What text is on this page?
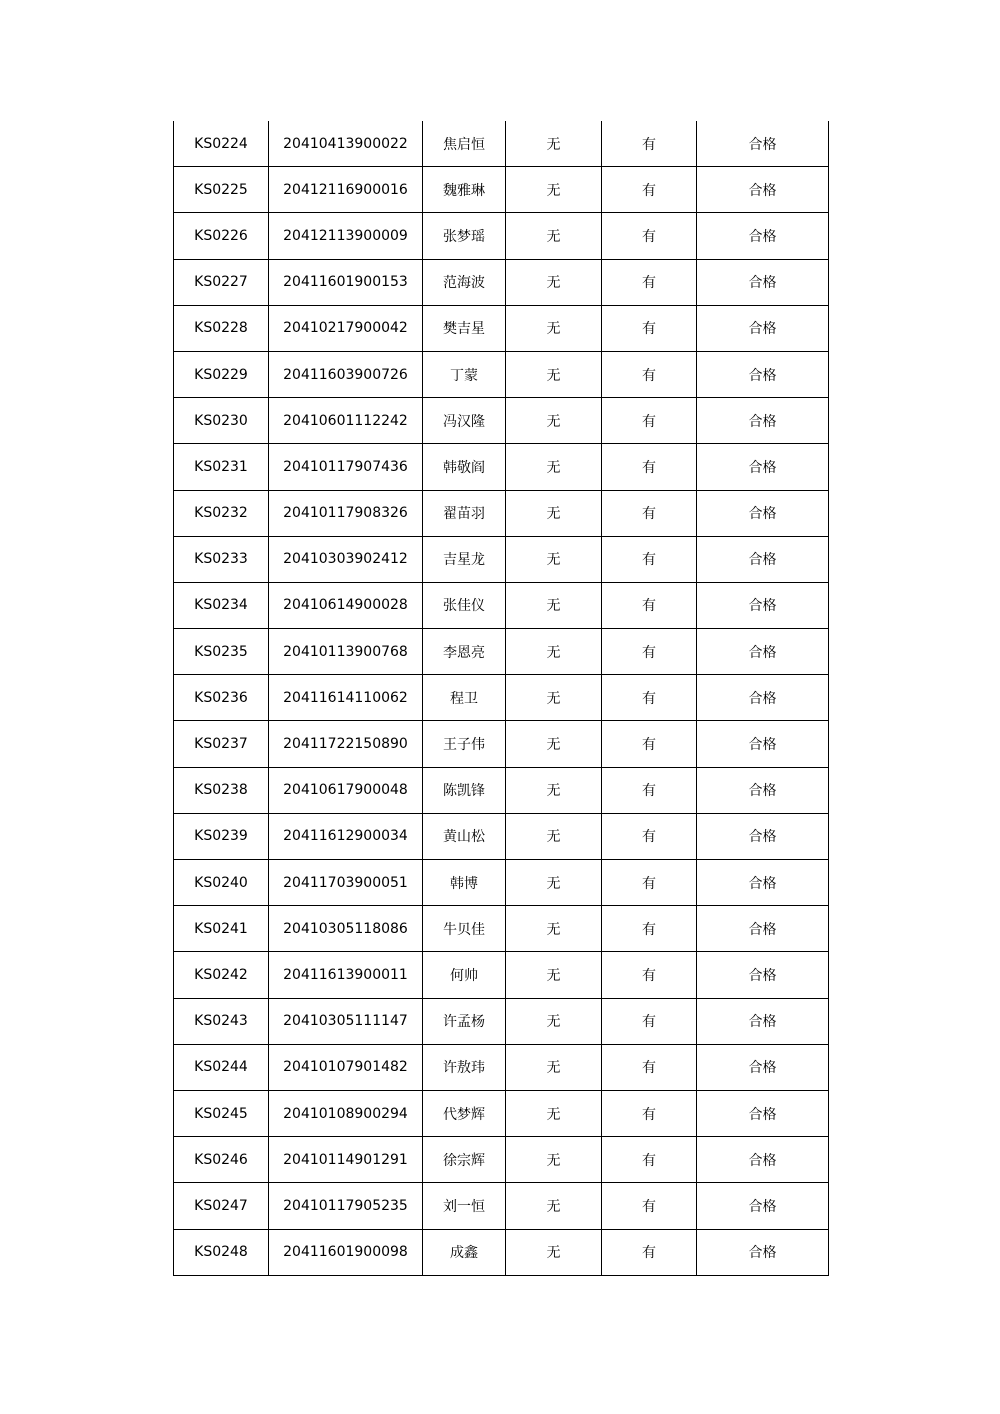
KS0224	20410413900022	焦启恒	无	有	合格
KS0225	20412116900016	魏雅琳	无	有	合格
KS0226	20412113900009	张梦瑶	无	有	合格
KS0227	20411601900153	范海波	无	有	合格
KS0228	20410217900042	樊吉星	无	有	合格
KS0229	20411603900726	丁蒙	无	有	合格
KS0230	20410601112242	冯汉隆	无	有	合格
KS0231	20410117907436	韩敬阎	无	有	合格
KS0232	20410117908326	翟苗羽	无	有	合格
KS0233	20410303902412	吉星龙	无	有	合格
KS0234	20410614900028	张佳仪	无	有	合格
KS0235	20410113900768	李恩亮	无	有	合格
KS0236	20411614110062	程卫	无	有	合格
KS0237	20411722150890	王子伟	无	有	合格
KS0238	20410617900048	陈凯锋	无	有	合格
KS0239	20411612900034	黄山松	无	有	合格
KS0240	20411703900051	韩博	无	有	合格
KS0241	20410305118086	牛贝佳	无	有	合格
KS0242	20411613900011	何帅	无	有	合格
KS0243	20410305111147	许孟杨	无	有	合格
KS0244	20410107901482	许敖玮	无	有	合格
KS0245	20410108900294	代梦辉	无	有	合格
KS0246	20410114901291	徐宗辉	无	有	合格
KS0247	20410117905235	刘一恒	无	有	合格
KS0248	20411601900098	成鑫	无	有	合格
